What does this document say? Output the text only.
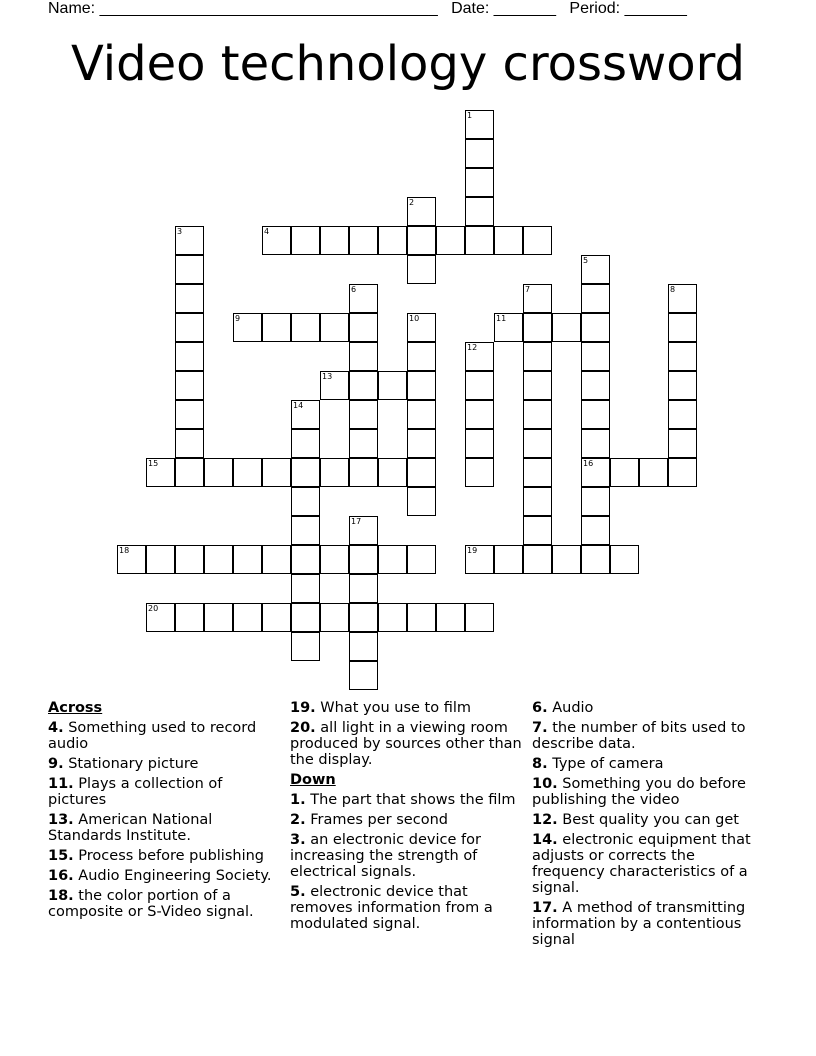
Name: ______________________________________ Date: _______ Period: _______
Video technology crossword
1
2
3	4
5
16
6	7	8
9	10	11
12
13
14
15
17
18	19
20
Across
4. Something used to record audio
9. Stationary picture
11. Plays a collection of pictures
13. American National Standards Institute.
15. Process before publishing
16. Audio Engineering Society.
18. the color portion of a composite or S-Video signal.
19. What you use to film
20. all light in a viewing room produced by sources other than the display.
Down
1. The part that shows the film
2. Frames per second
3. an electronic device for increasing the strength of electrical signals.
5. electronic device that removes information from a modulated signal.
6. Audio
7. the number of bits used to describe data.
8. Type of camera
10. Something you do before publishing the video
12. Best quality you can get
14. electronic equipment that adjusts or corrects the frequency characteristics of a signal.
17. A method of transmitting information by a contentious signal
